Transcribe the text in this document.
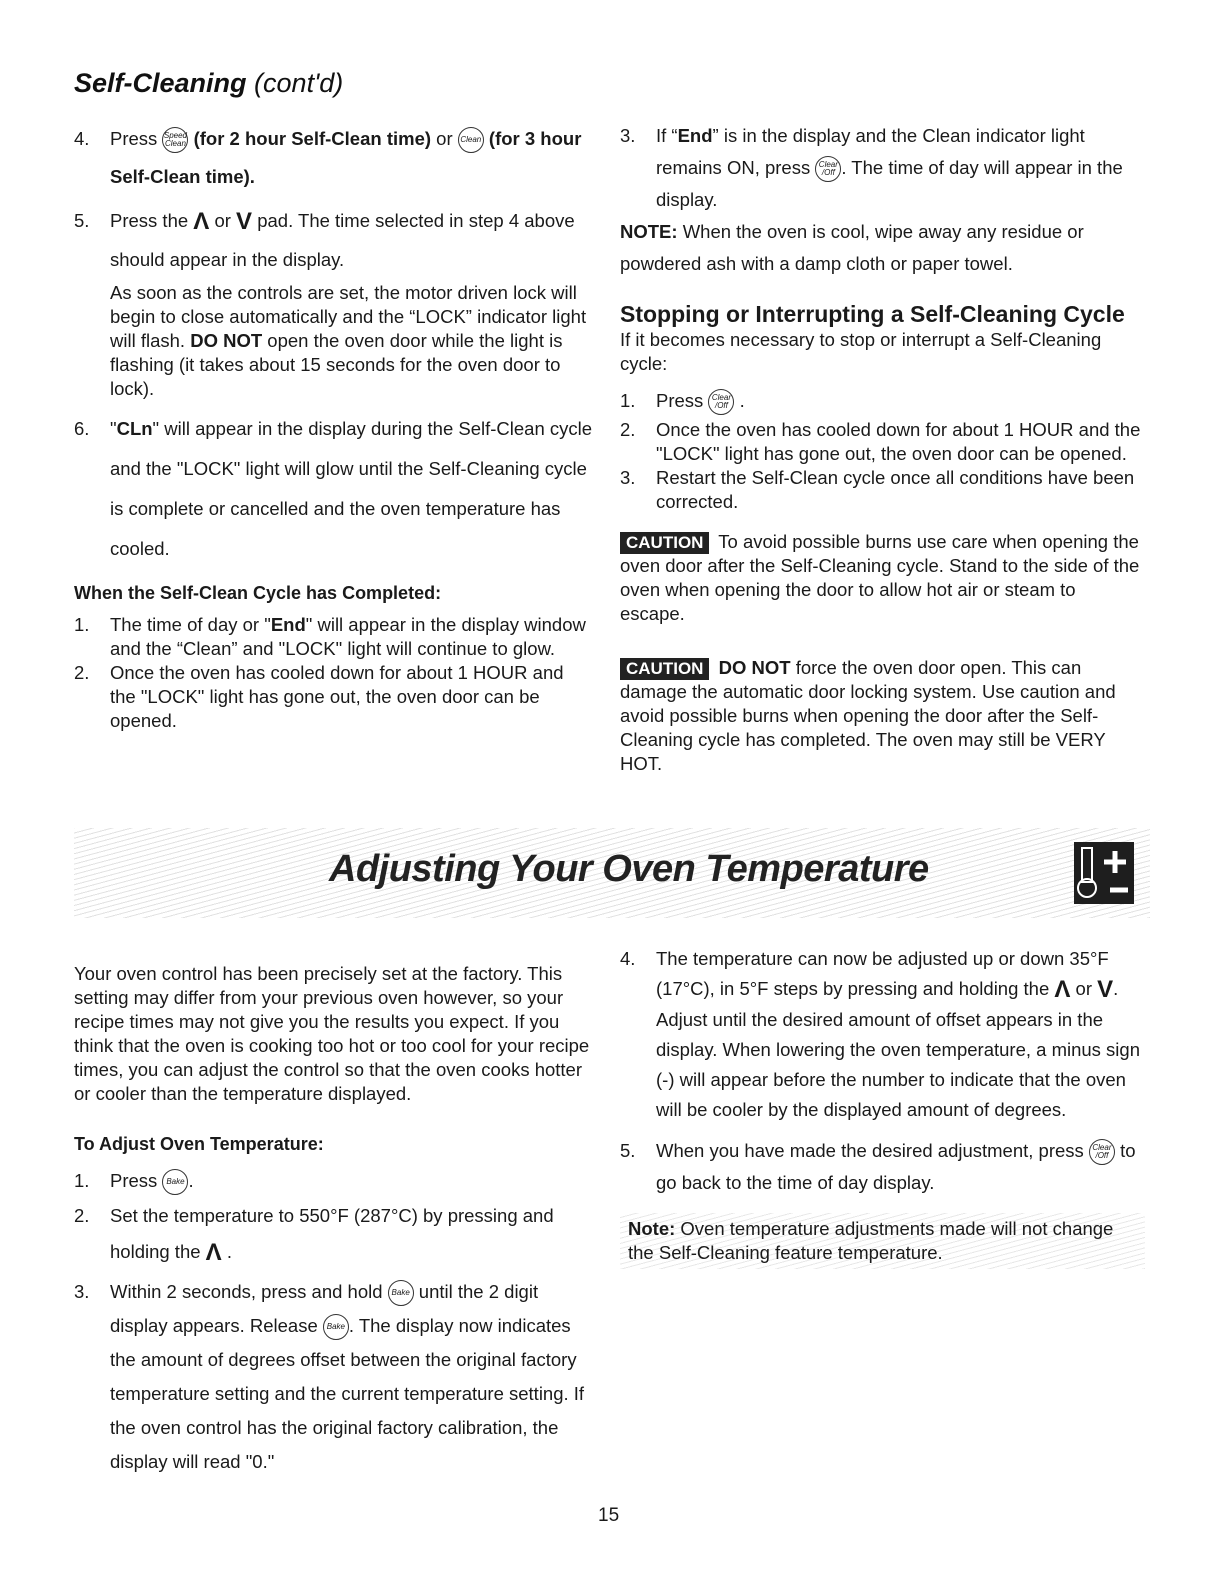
Self-Cleaning (cont'd)
4. Press Speed Clean (for 2 hour Self-Clean time) or Clean (for 3 hour Self-Clean time).
5. Press the Λ or V pad. The time selected in step 4 above should appear in the display.
As soon as the controls are set, the motor driven lock will begin to close automatically and the “LOCK” indicator light will flash. DO NOT open the oven door while the light is flashing (it takes about 15 seconds for the oven door to lock).
6. "CLn" will appear in the display during the Self-Clean cycle and the "LOCK" light will glow until the Self-Cleaning cycle is complete or cancelled and the oven temperature has cooled.

When the Self-Clean Cycle has Completed:

1. The time of day or "End" will appear in the display window and the “Clean” and "LOCK" light will continue to glow.
2. Once the oven has cooled down for about 1 HOUR and the "LOCK" light has gone out, the oven door can be opened.
3. If “End” is in the display and the Clean indicator light remains ON, press Clear /Off . The time of day will appear in the display.

NOTE: When the oven is cool, wipe away any residue or powdered ash with a damp cloth or paper towel.

Stopping or Interrupting a Self-Cleaning Cycle

If it becomes necessary to stop or interrupt a Self-Cleaning cycle:

1. Press Clear /Off .
2. Once the oven has cooled down for about 1 HOUR and the "LOCK" light has gone out, the oven door can be opened.
3. Restart the Self-Clean cycle once all conditions have been corrected.

CAUTION To avoid possible burns use care when opening the oven door after the Self-Cleaning cycle. Stand to the side of the oven when opening the door to allow hot air or steam to escape.

CAUTION DO NOT force the oven door open. This can damage the automatic door locking system. Use caution and avoid possible burns when opening the door after the Self-Cleaning cycle has completed. The oven may still be VERY HOT.

Adjusting Your Oven Temperature

Your oven control has been precisely set at the factory. This setting may differ from your previous oven however, so your recipe times may not give you the results you expect. If you think that the oven is cooking too hot or too cool for your recipe times, you can adjust the control so that the oven cooks hotter or cooler than the temperature displayed.

To Adjust Oven Temperature:

1. Press Bake .
2. Set the temperature to 550°F (287°C) by pressing and holding the Λ .
3. Within 2 seconds, press and hold Bake until the 2 digit display appears. Release Bake . The display now indicates the amount of degrees offset between the original factory temperature setting and the current temperature setting. If the oven control has the original factory calibration, the display will read "0."
4. The temperature can now be adjusted up or down 35°F (17°C), in 5°F steps by pressing and holding the Λ or V. Adjust until the desired amount of offset appears in the display. When lowering the oven temperature, a minus sign (-) will appear before the number to indicate that the oven will be cooler by the displayed amount of degrees.
5. When you have made the desired adjustment, press Clear /Off to go back to the time of day display.

Note: Oven temperature adjustments made will not change the Self-Cleaning feature temperature.

15
